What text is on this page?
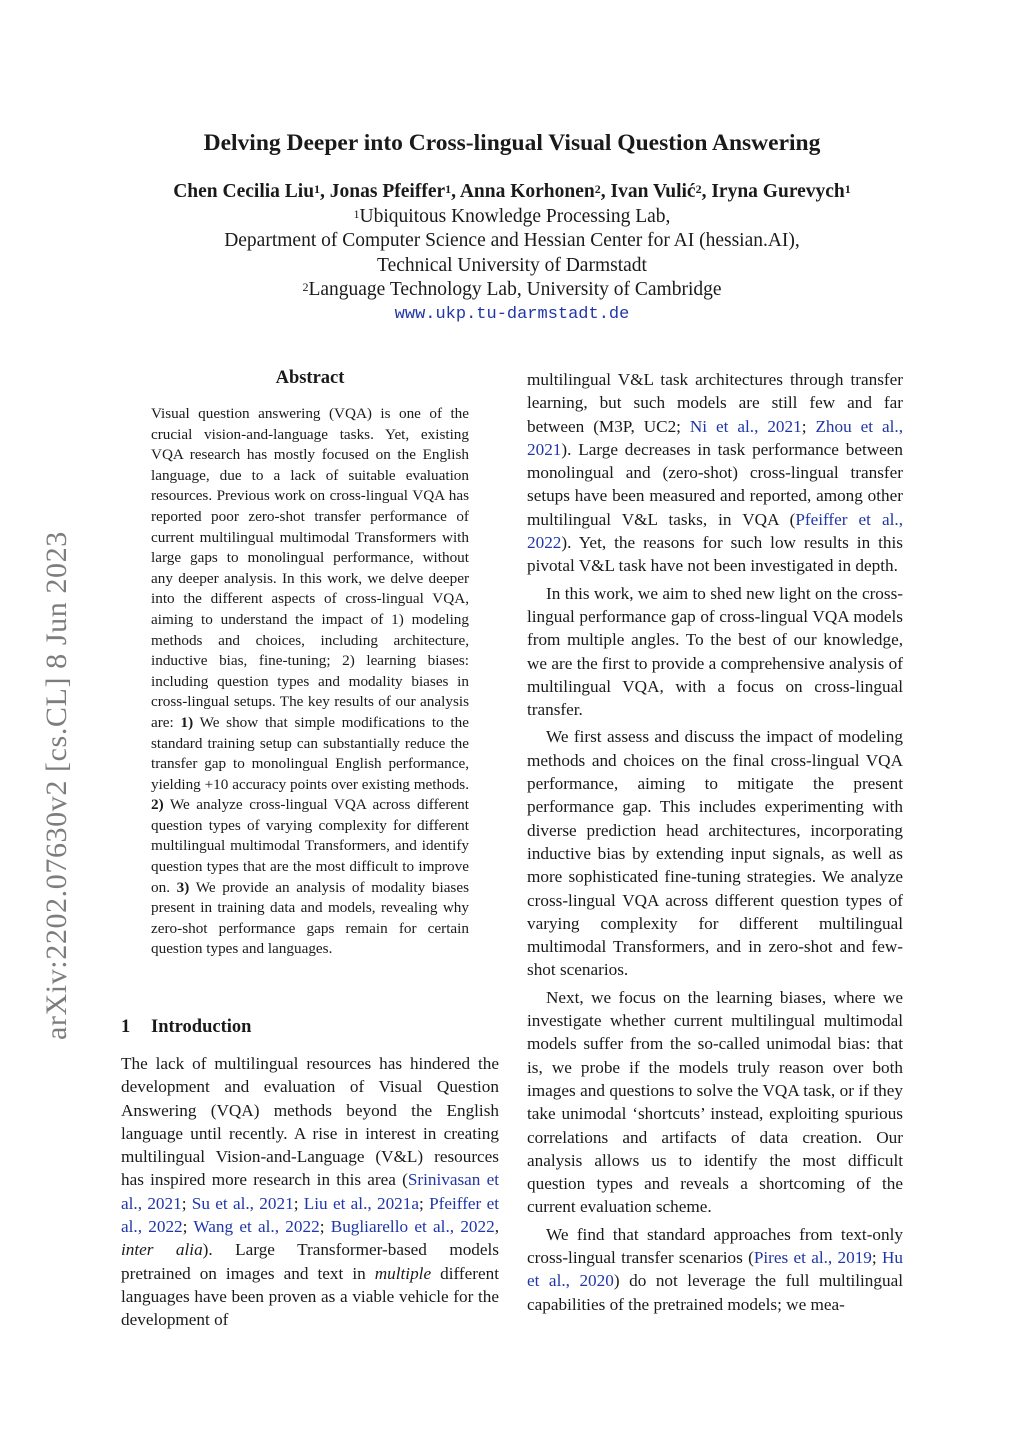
arXiv:2202.07630v2 [cs.CL] 8 Jun 2023
Delving Deeper into Cross-lingual Visual Question Answering
Chen Cecilia Liu$^1$, Jonas Pfeiffer$^1$, Anna Korhonen$^2$, Ivan Vulić$^2$, Iryna Gurevych$^1$
$^1$Ubiquitous Knowledge Processing Lab,
Department of Computer Science and Hessian Center for AI (hessian.AI),
Technical University of Darmstadt
$^2$Language Technology Lab, University of Cambridge
www.ukp.tu-darmstadt.de
Abstract
Visual question answering (VQA) is one of the crucial vision-and-language tasks. Yet, existing VQA research has mostly focused on the English language, due to a lack of suitable evaluation resources. Previous work on cross-lingual VQA has reported poor zero-shot transfer performance of current multilingual multimodal Transformers with large gaps to monolingual performance, without any deeper analysis. In this work, we delve deeper into the different aspects of cross-lingual VQA, aiming to understand the impact of 1) modeling methods and choices, including architecture, inductive bias, fine-tuning; 2) learning biases: including question types and modality biases in cross-lingual setups. The key results of our analysis are: 1) We show that simple modifications to the standard training setup can substantially reduce the transfer gap to monolingual English performance, yielding +10 accuracy points over existing methods. 2) We analyze cross-lingual VQA across different question types of varying complexity for different multilingual multimodal Transformers, and identify question types that are the most difficult to improve on. 3) We provide an analysis of modality biases present in training data and models, revealing why zero-shot performance gaps remain for certain question types and languages.
1 Introduction
The lack of multilingual resources has hindered the development and evaluation of Visual Question Answering (VQA) methods beyond the English language until recently. A rise in interest in creating multilingual Vision-and-Language (V&L) resources has inspired more research in this area (Srinivasan et al., 2021; Su et al., 2021; Liu et al., 2021a; Pfeiffer et al., 2022; Wang et al., 2022; Bugliarello et al., 2022, inter alia). Large Transformer-based models pretrained on images and text in multiple different languages have been proven as a viable vehicle for the development of

multilingual V&L task architectures through transfer learning, but such models are still few and far between (M3P, UC2; Ni et al., 2021; Zhou et al., 2021). Large decreases in task performance between monolingual and (zero-shot) cross-lingual transfer setups have been measured and reported, among other multilingual V&L tasks, in VQA (Pfeiffer et al., 2022). Yet, the reasons for such low results in this pivotal V&L task have not been investigated in depth.

In this work, we aim to shed new light on the cross-lingual performance gap of cross-lingual VQA models from multiple angles. To the best of our knowledge, we are the first to provide a comprehensive analysis of multilingual VQA, with a focus on cross-lingual transfer.

We first assess and discuss the impact of modeling methods and choices on the final cross-lingual VQA performance, aiming to mitigate the present performance gap. This includes experimenting with diverse prediction head architectures, incorporating inductive bias by extending input signals, as well as more sophisticated fine-tuning strategies. We analyze cross-lingual VQA across different question types of varying complexity for different multilingual multimodal Transformers, and in zero-shot and few-shot scenarios.

Next, we focus on the learning biases, where we investigate whether current multilingual multimodal models suffer from the so-called unimodal bias: that is, we probe if the models truly reason over both images and questions to solve the VQA task, or if they take unimodal ‘shortcuts’ instead, exploiting spurious correlations and artifacts of data creation. Our analysis allows us to identify the most difficult question types and reveals a shortcoming of the current evaluation scheme.

We find that standard approaches from text-only cross-lingual transfer scenarios (Pires et al., 2019; Hu et al., 2020) do not leverage the full multilingual capabilities of the pretrained models; we mea-
